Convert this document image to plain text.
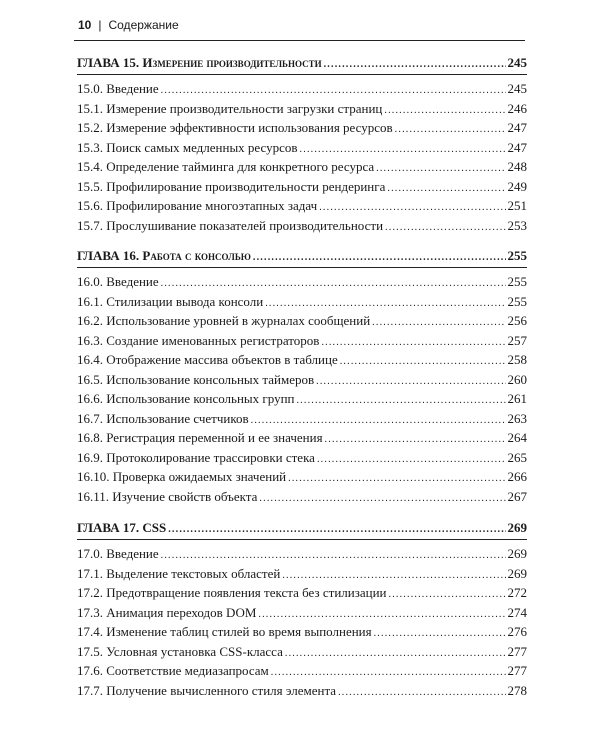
10 | Содержание
ГЛАВА 15. Измерение производительности .....	245
15.0. Введение .....	245
15.1. Измерение производительности загрузки страниц .....	246
15.2. Измерение эффективности использования ресурсов .....	247
15.3. Поиск самых медленных ресурсов .....	247
15.4. Определение тайминга для конкретного ресурса .....	248
15.5. Профилирование производительности рендеринга .....	249
15.6. Профилирование многоэтапных задач .....	251
15.7. Прослушивание показателей производительности .....	253
ГЛАВА 16. Работа с консолью .....	255
16.0. Введение .....	255
16.1. Стилизации вывода консоли .....	255
16.2. Использование уровней в журналах сообщений .....	256
16.3. Создание именованных регистраторов .....	257
16.4. Отображение массива объектов в таблице .....	258
16.5. Использование консольных таймеров .....	260
16.6. Использование консольных групп .....	261
16.7. Использование счетчиков .....	263
16.8. Регистрация переменной и ее значения .....	264
16.9. Протоколирование трассировки стека .....	265
16.10. Проверка ожидаемых значений .....	266
16.11. Изучение свойств объекта .....	267
ГЛАВА 17. CSS .....	269
17.0. Введение .....	269
17.1. Выделение текстовых областей .....	269
17.2. Предотвращение появления текста без стилизации .....	272
17.3. Анимация переходов DOM .....	274
17.4. Изменение таблиц стилей во время выполнения .....	276
17.5. Условная установка CSS-класса .....	277
17.6. Соответствие медиазапросам .....	277
17.7. Получение вычисленного стиля элемента .....	278
